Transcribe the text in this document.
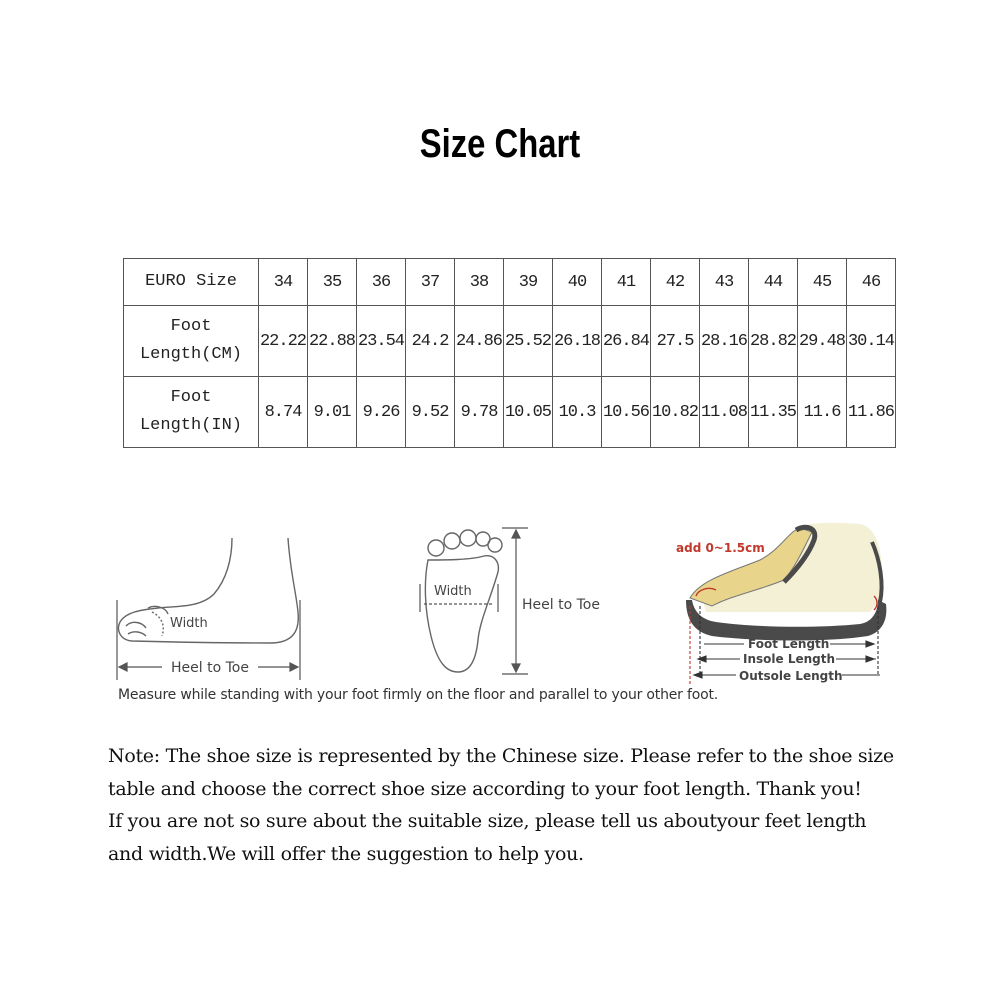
Size Chart
EURO Size	34	35	36	37	38	39	40	41	42	43	44	45	46

Foot
Length(CM)	22.22	22.88	23.54	24.2	24.86	25.52	26.18	26.84	27.5	28.16	28.82	29.48	30.14

Foot
Length(IN)	8.74	9.01	9.26	9.52	9.78	10.05	10.3	10.56	10.82	11.08	11.35	11.6	11.86
Width
Heel to Toe
Width
Heel to Toe
add 0~1.5cm
Foot Length
Insole Length
Outsole Length
Measure while standing with your foot firmly on the floor and parallel to your other foot.
Note: The shoe size is represented by the Chinese size. Please refer to the shoe size
table and choose the correct shoe size according to your foot length. Thank you!
If you are not so sure about the suitable size, please tell us aboutyour feet length
and width.We will offer the suggestion to help you.
